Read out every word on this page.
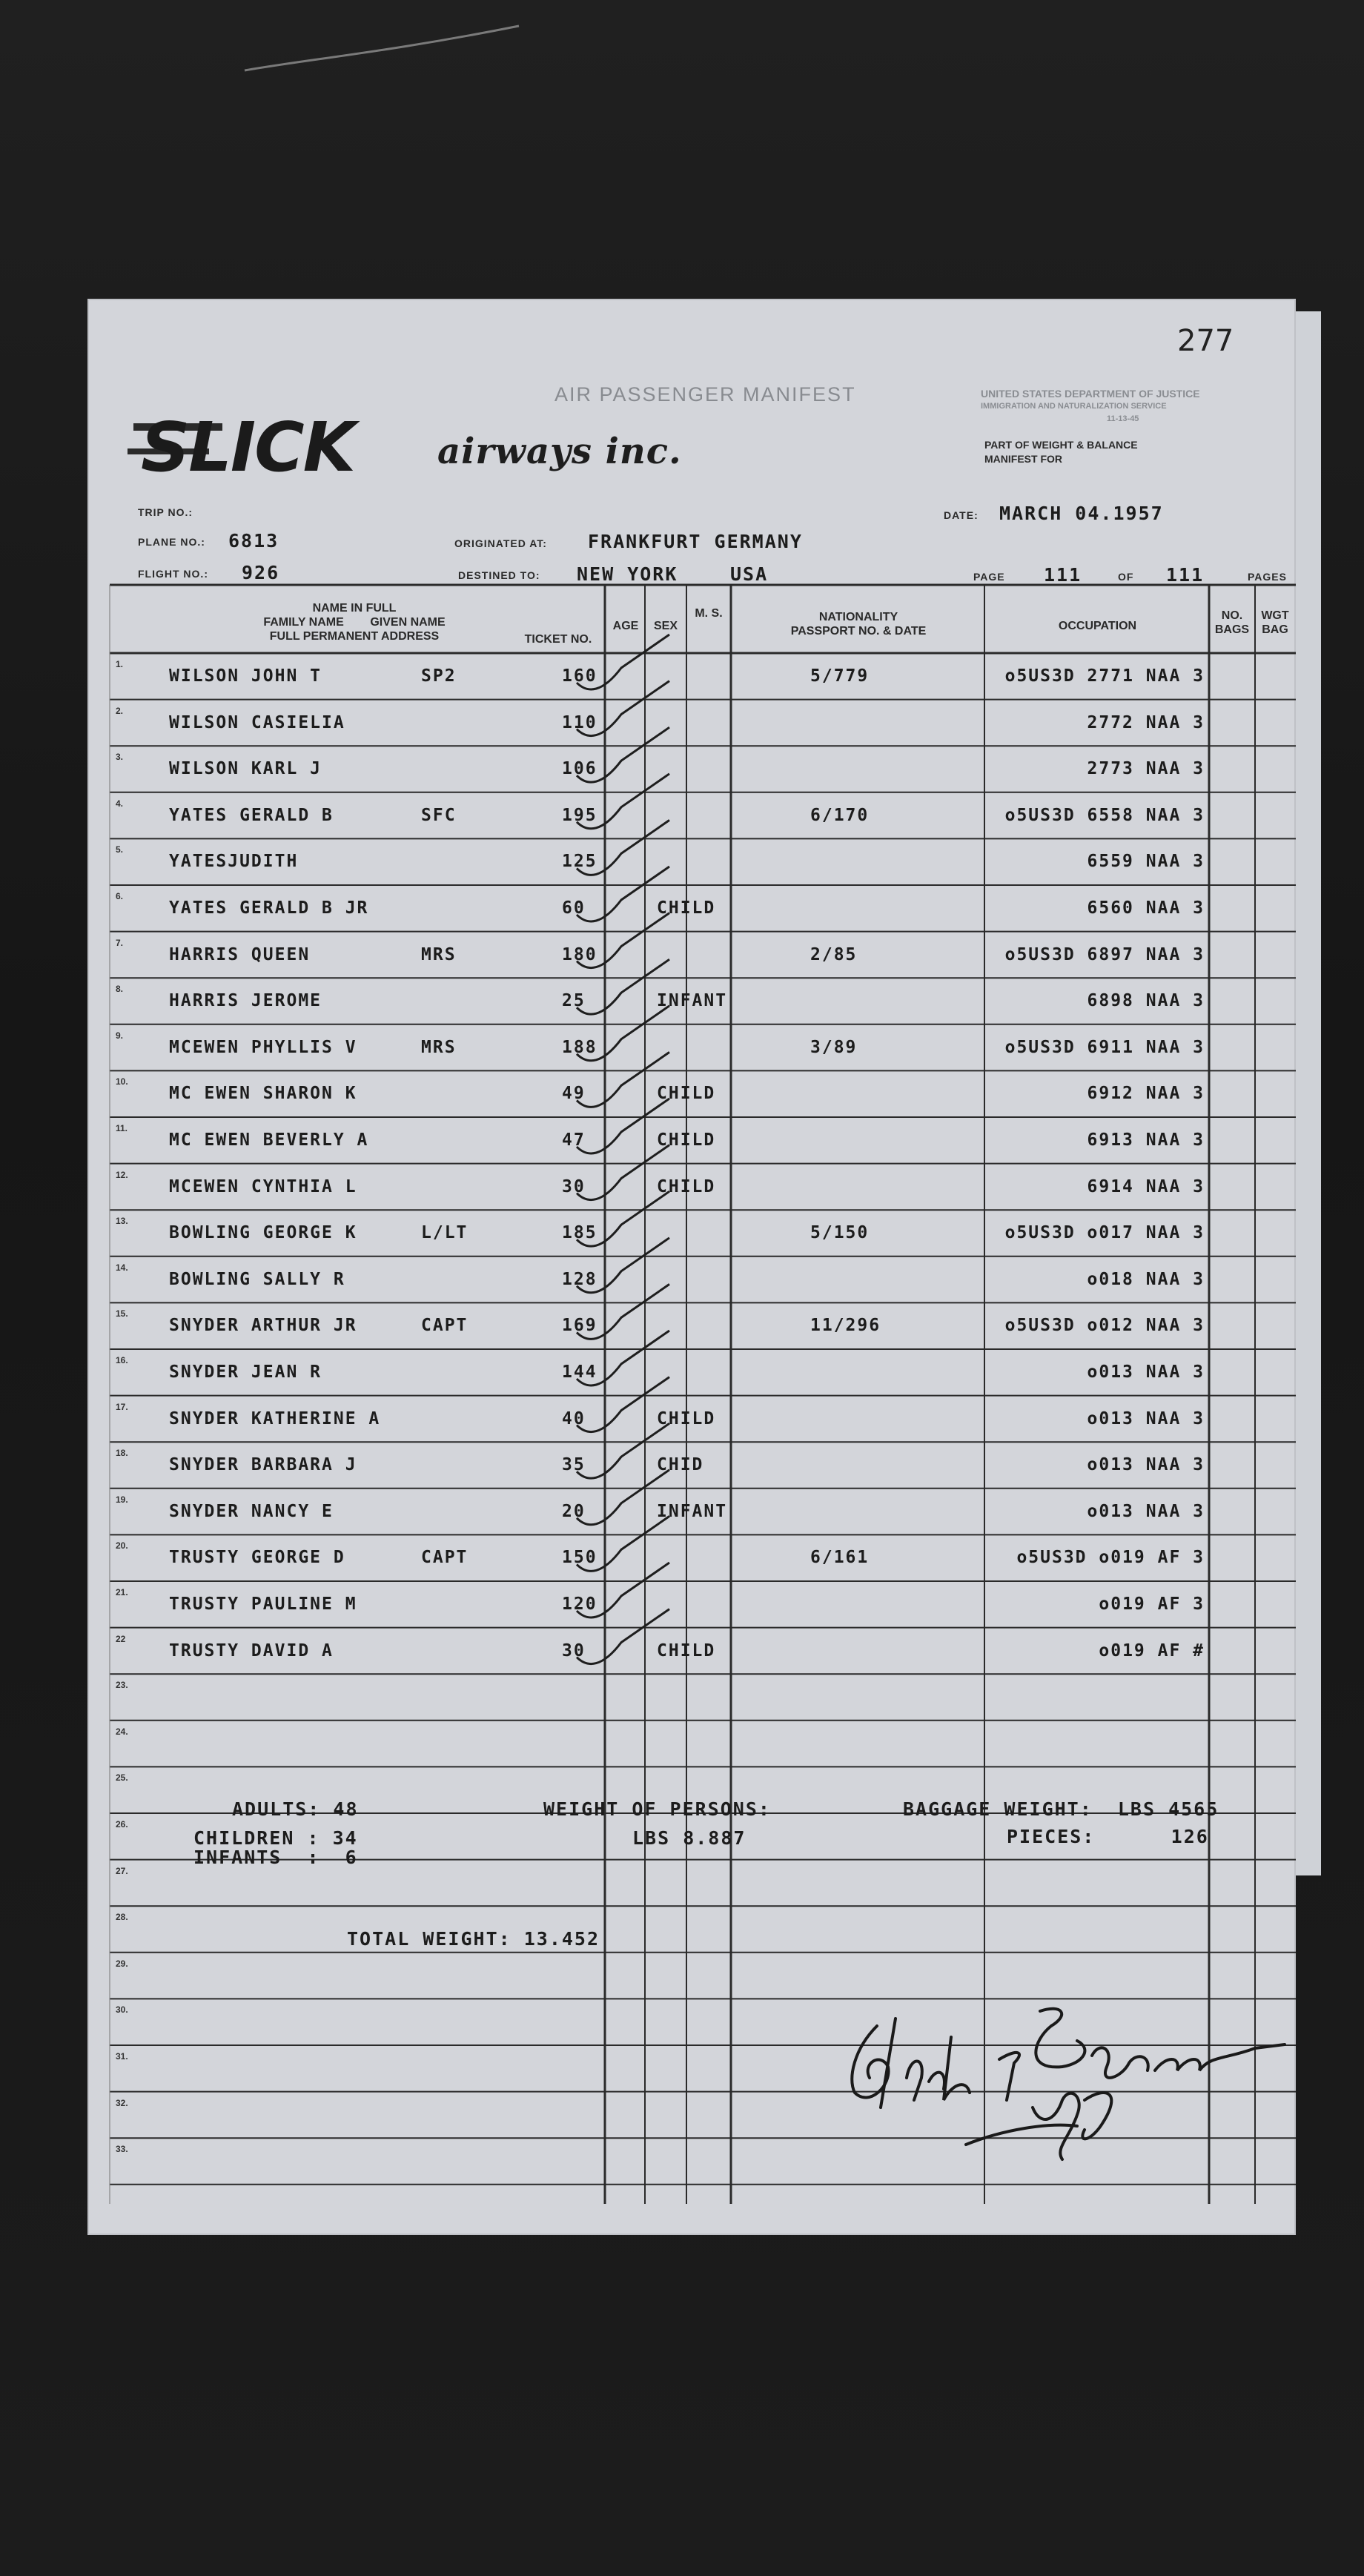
277
AIR PASSENGER MANIFEST	UNITED STATES DEPARTMENT OF JUSTICE
IMMIGRATION AND NATURALIZATION SERVICE
11-13-45
PART OF WEIGHT & BALANCE
MANIFEST FOR
SLICK airways inc.
TRIP NO.:
PLANE NO.: 6813
FLIGHT NO.: 926
ORIGINATED AT: FRANKFURT GERMANY
DESTINED TO: NEW YORK	USA
DATE: MARCH 04.1957
PAGE 111	OF 111	PAGES
NAME IN FULL
FAMILY NAME        GIVEN NAME
FULL PERMANENT ADDRESS	TICKET NO.
AGE	SEX
M. S.	NATIONALITY
PASSPORT NO. & DATE	OCCUPATION
NO. BAGS
WGT BAG
1.
WILSON JOHN T	SP2	160	5/779	o5US3D 2771 NAA 3
2.
WILSON CASIELIA	110	2772 NAA 3
3.
WILSON KARL J	106	2773 NAA 3
4.
YATES GERALD B	SFC	195	6/170	o5US3D 6558 NAA 3
5.
YATESJUDITH	125	6559 NAA 3
6.
YATES GERALD B JR	60	CHILD	6560 NAA 3
7.
HARRIS QUEEN	MRS	180	2/85	o5US3D 6897 NAA 3
8.
HARRIS JEROME	25	INFANT	6898 NAA 3
9.
MCEWEN PHYLLIS V	MRS	188	3/89	o5US3D 6911 NAA 3
10.
MC EWEN SHARON K	49	CHILD	6912 NAA 3
11.
MC EWEN BEVERLY A	47	CHILD	6913 NAA 3
12.
MCEWEN CYNTHIA L	30	CHILD	6914 NAA 3
13.
BOWLING GEORGE K	L/LT	185	5/150	o5US3D o017 NAA 3
14.
BOWLING SALLY R	128	o018 NAA 3
15.
SNYDER ARTHUR JR	CAPT	169	11/296	o5US3D o012 NAA 3
16.
SNYDER JEAN R	144	o013 NAA 3
17.
SNYDER KATHERINE A	40	CHILD	o013 NAA 3
18.
SNYDER BARBARA J	35	CHID	o013 NAA 3
19.
SNYDER NANCY E	20	INFANT	o013 NAA 3
20.
TRUSTY GEORGE D	CAPT	150	6/161	o5US3D o019 AF 3
21.
TRUSTY PAULINE M	120	o019 AF 3
22
TRUSTY DAVID A	30	CHILD	o019 AF #
23.
24.
25.
26.
27.
28.
29.
30.
31.
32.
33.
ADULTS: 48
CHILDREN : 34
INFANTS  :  6
WEIGHT OF PERSONS:
LBS 8.887
BAGGAGE WEIGHT:  LBS 4565
PIECES:      126
TOTAL WEIGHT: 13.452
